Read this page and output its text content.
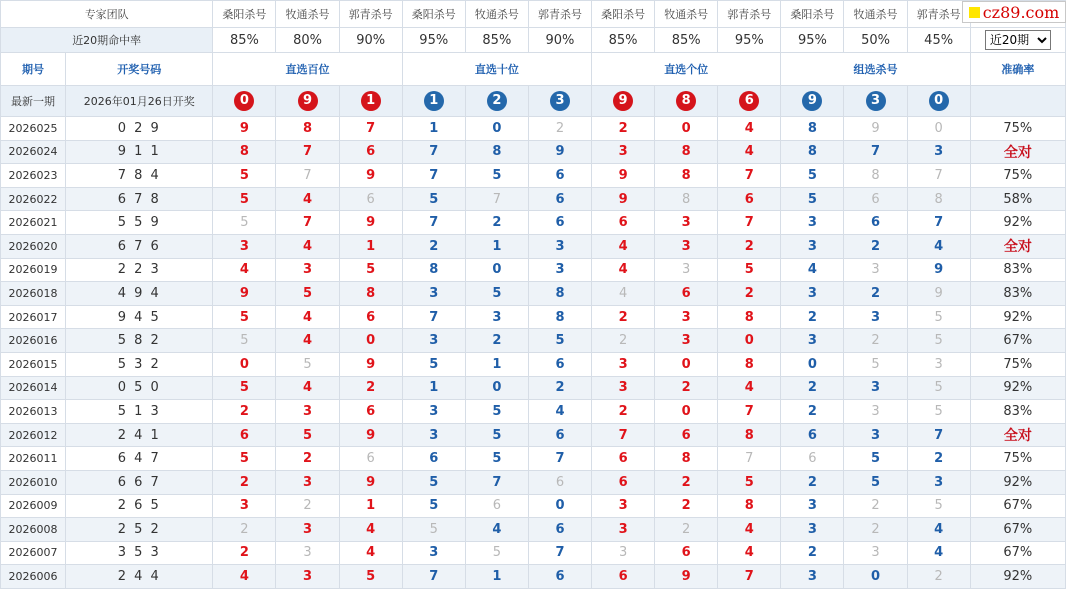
cz89.com
专家团队		桑阳杀号	牧通杀号	郭青杀号	桑阳杀号	牧通杀号	郭青杀号	桑阳杀号	牧通杀号	郭青杀号	桑阳杀号	牧通杀号	郭青杀号	
近20期命中率		85%	80%	90%	95%	85%	90%	85%	85%	95%	95%	50%	45%	
近20期
期号	开奖号码	直选百位			直选十位			直选个位			组选杀号			准确率
最新一期	2026年01月26日开奖	0	9	1	1	2	3	9	8	6	9	3	0	
2026025	0 2 9	9	8	7	1	0	2	2	0	4	8	9	0	75%
2026024	9 1 1	8	7	6	7	8	9	3	8	4	8	7	3	全对
2026023	7 8 4	5	7	9	7	5	6	9	8	7	5	8	7	75%
2026022	6 7 8	5	4	6	5	7	6	9	8	6	5	6	8	58%
2026021	5 5 9	5	7	9	7	2	6	6	3	7	3	6	7	92%
2026020	6 7 6	3	4	1	2	1	3	4	3	2	3	2	4	全对
2026019	2 2 3	4	3	5	8	0	3	4	3	5	4	3	9	83%
2026018	4 9 4	9	5	8	3	5	8	4	6	2	3	2	9	83%
2026017	9 4 5	5	4	6	7	3	8	2	3	8	2	3	5	92%
2026016	5 8 2	5	4	0	3	2	5	2	3	0	3	2	5	67%
2026015	5 3 2	0	5	9	5	1	6	3	0	8	0	5	3	75%
2026014	0 5 0	5	4	2	1	0	2	3	2	4	2	3	5	92%
2026013	5 1 3	2	3	6	3	5	4	2	0	7	2	3	5	83%
2026012	2 4 1	6	5	9	3	5	6	7	6	8	6	3	7	全对
2026011	6 4 7	5	2	6	6	5	7	6	8	7	6	5	2	75%
2026010	6 6 7	2	3	9	5	7	6	6	2	5	2	5	3	92%
2026009	2 6 5	3	2	1	5	6	0	3	2	8	3	2	5	67%
2026008	2 5 2	2	3	4	5	4	6	3	2	4	3	2	4	67%
2026007	3 5 3	2	3	4	3	5	7	3	6	4	2	3	4	67%
2026006	2 4 4	4	3	5	7	1	6	6	9	7	3	0	2	92%
